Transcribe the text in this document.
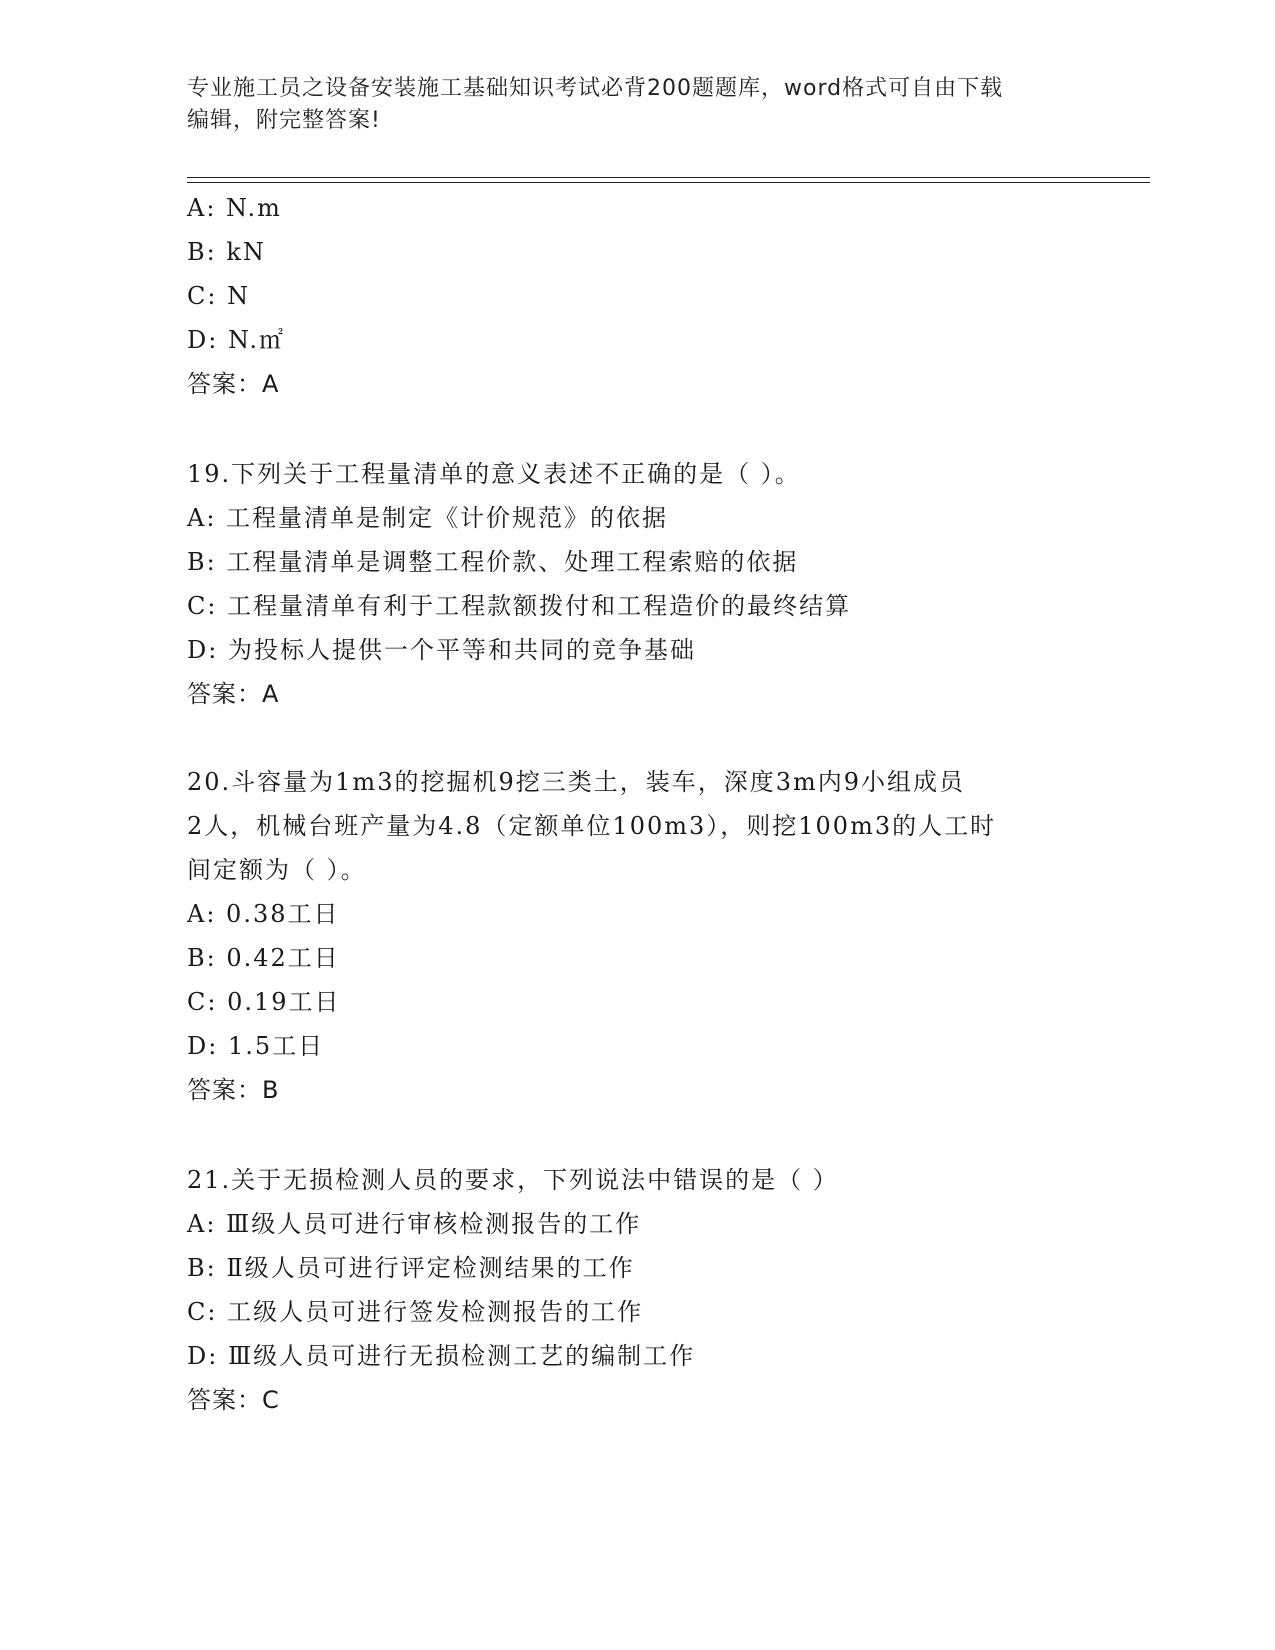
专业施工员之设备安装施工基础知识考试必背200题题库，word格式可自由下载
编辑，附完整答案!
A: N.m
B: kN
C: N
D: N.㎡
答案：A
19.下列关于工程量清单的意义表述不正确的是（ ）。
A: 工程量清单是制定《计价规范》的依据
B: 工程量清单是调整工程价款、处理工程索赔的依据
C: 工程量清单有利于工程款额拨付和工程造价的最终结算
D: 为投标人提供一个平等和共同的竞争基础
答案：A
20.斗容量为1m3的挖掘机9挖三类土，装车，深度3m内9小组成员
2人，机械台班产量为4.8（定额单位100m3），则挖100m3的人工时
间定额为（ ）。
A: 0.38工日
B: 0.42工日
C: 0.19工日
D: 1.5工日
答案：B
21.关于无损检测人员的要求，下列说法中错误的是（ ）
A: Ⅲ级人员可进行审核检测报告的工作
B: Ⅱ级人员可进行评定检测结果的工作
C: 工级人员可进行签发检测报告的工作
D: Ⅲ级人员可进行无损检测工艺的编制工作
答案：C
